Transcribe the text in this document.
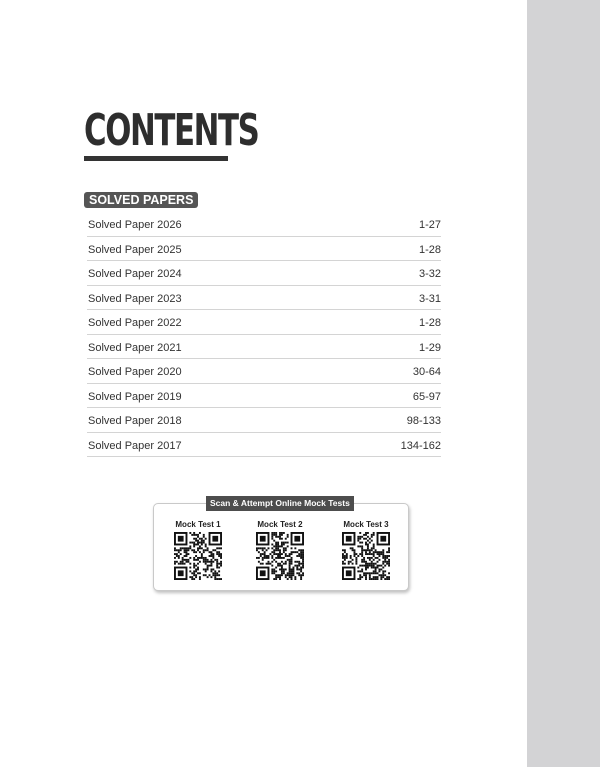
CONTENTS
SOLVED PAPERS
Solved Paper 2026	1-27
Solved Paper 2025	1-28
Solved Paper 2024	3-32
Solved Paper 2023	3-31
Solved Paper 2022	1-28
Solved Paper 2021	1-29
Solved Paper 2020	30-64
Solved Paper 2019	65-97
Solved Paper 2018	98-133
Solved Paper 2017	134-162
Scan & Attempt Online Mock Tests
Mock Test 1	Mock Test 2	Mock Test 3
